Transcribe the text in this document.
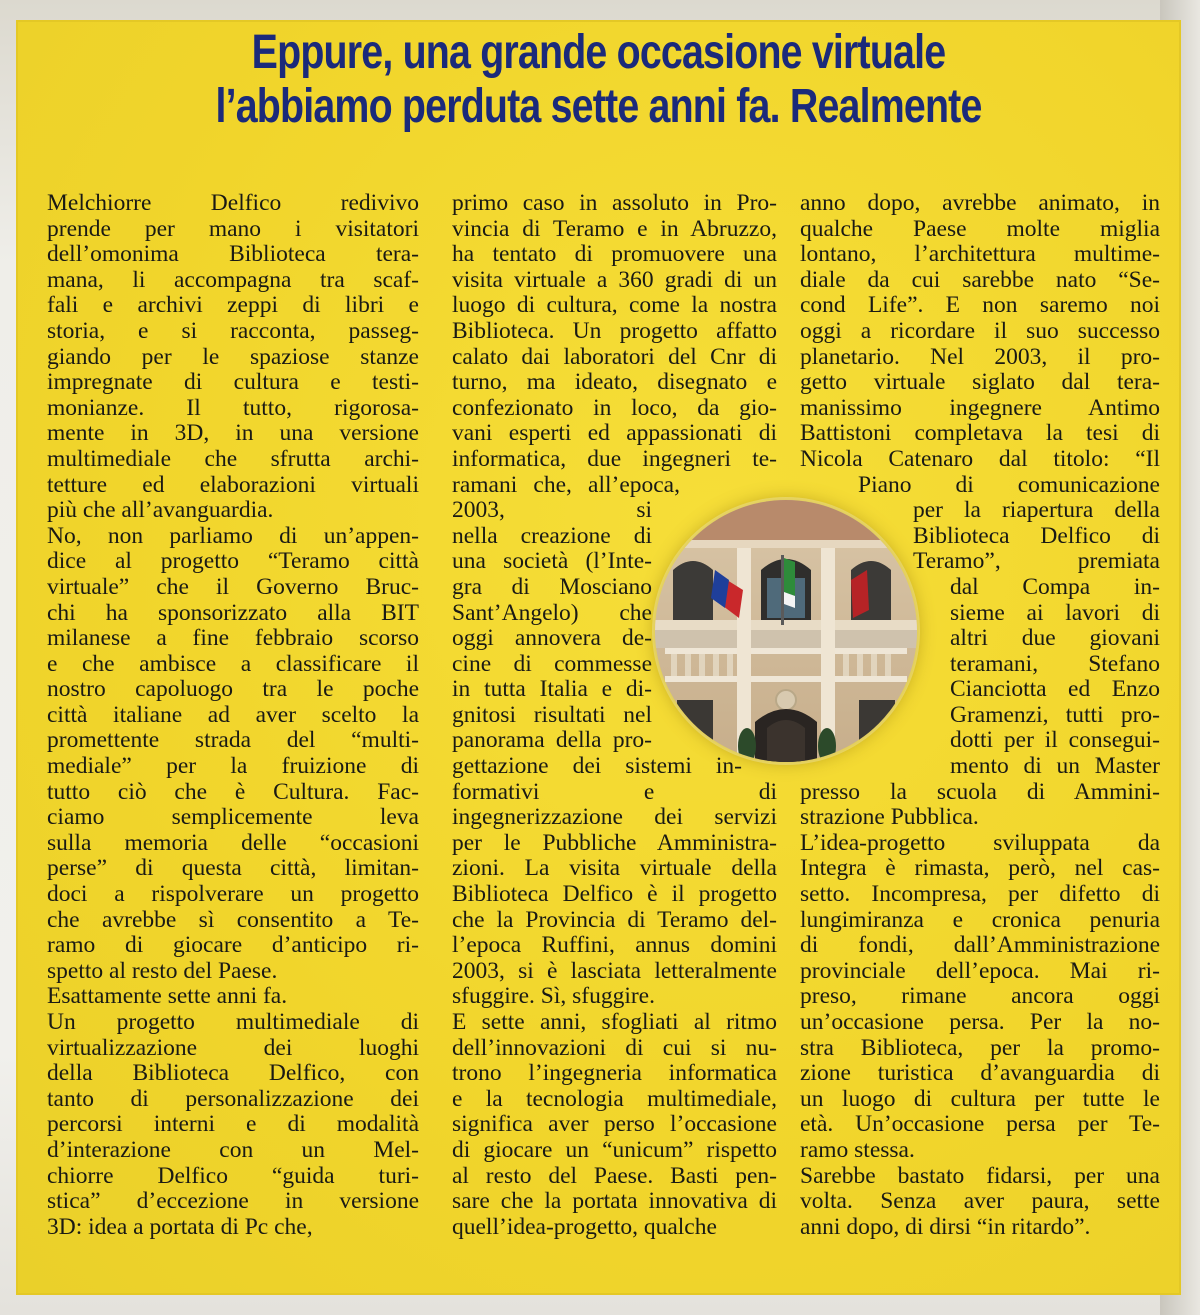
Eppure, una grande occasione virtuale
l’abbiamo perduta sette anni fa. Realmente
Melchiorre Delfico redivivo
prende per mano i visitatori
dell’omonima Biblioteca tera-
mana, li accompagna tra scaf-
fali e archivi zeppi di libri e
storia, e si racconta, passeg-
giando per le spaziose stanze
impregnate di cultura e testi-
monianze. Il tutto, rigorosa-
mente in 3D, in una versione
multimediale che sfrutta archi-
tetture ed elaborazioni virtuali
più che all’avanguardia.
No, non parliamo di un’appen-
dice al progetto “Teramo città
virtuale” che il Governo Bruc-
chi ha sponsorizzato alla BIT
milanese a fine febbraio scorso
e che ambisce a classificare il
nostro capoluogo tra le poche
città italiane ad aver scelto la
promettente strada del “multi-
mediale” per la fruizione di
tutto ciò che è Cultura. Fac-
ciamo semplicemente leva
sulla memoria delle “occasioni
perse” di questa città, limitan-
doci a rispolverare un progetto
che avrebbe sì consentito a Te-
ramo di giocare d’anticipo ri-
spetto al resto del Paese.
Esattamente sette anni fa.
Un progetto multimediale di
virtualizzazione dei luoghi
della Biblioteca Delfico, con
tanto di personalizzazione dei
percorsi interni e di modalità
d’interazione con un Mel-
chiorre Delfico “guida turi-
stica” d’eccezione in versione
3D: idea a portata di Pc che,
primo caso in assoluto in Pro-
vincia di Teramo e in Abruzzo,
ha tentato di promuovere una
visita virtuale a 360 gradi di un
luogo di cultura, come la nostra
Biblioteca. Un progetto affatto
calato dai laboratori del Cnr di
turno, ma ideato, disegnato e
confezionato in loco, da gio-
vani esperti ed appassionati di
informatica, due ingegneri te-
ramani che, all’epoca,
2003, si
nella creazione di
una società (l’Inte-
gra di Mosciano
Sant’Angelo) che
oggi annovera de-
cine di commesse
in tutta Italia e di-
gnitosi risultati nel
panorama della pro-
gettazione dei sistemi in-
formativi e di
ingegnerizzazione dei servizi
per le Pubbliche Amministra-
zioni. La visita virtuale della
Biblioteca Delfico è il progetto
che la Provincia di Teramo del-
l’epoca Ruffini, annus domini
2003, si è lasciata letteralmente
sfuggire. Sì, sfuggire.
E sette anni, sfogliati al ritmo
dell’innovazioni di cui si nu-
trono l’ingegneria informatica
e la tecnologia multimediale,
significa aver perso l’occasione
di giocare un “unicum” rispetto
al resto del Paese. Basti pen-
sare che la portata innovativa di
quell’idea-progetto, qualche
anno dopo, avrebbe animato, in
qualche Paese molte miglia
lontano, l’architettura multime-
diale da cui sarebbe nato “Se-
cond Life”. E non saremo noi
oggi a ricordare il suo successo
planetario. Nel 2003, il pro-
getto virtuale siglato dal tera-
manissimo ingegnere Antimo
Battistoni completava la tesi di
Nicola Catenaro dal titolo: “Il
Piano di comunicazione
per la riapertura della
Biblioteca Delfico di
Teramo”, premiata
dal Compa in-
sieme ai lavori di
altri due giovani
teramani, Stefano
Cianciotta ed Enzo
Gramenzi, tutti pro-
dotti per il consegui-
mento di un Master
presso la scuola di Ammini-
strazione Pubblica.
L’idea-progetto sviluppata da
Integra è rimasta, però, nel cas-
setto. Incompresa, per difetto di
lungimiranza e cronica penuria
di fondi, dall’Amministrazione
provinciale dell’epoca. Mai ri-
preso, rimane ancora oggi
un’occasione persa. Per la no-
stra Biblioteca, per la promo-
zione turistica d’avanguardia di
un luogo di cultura per tutte le
età. Un’occasione persa per Te-
ramo stessa.
Sarebbe bastato fidarsi, per una
volta. Senza aver paura, sette
anni dopo, di dirsi “in ritardo”.
